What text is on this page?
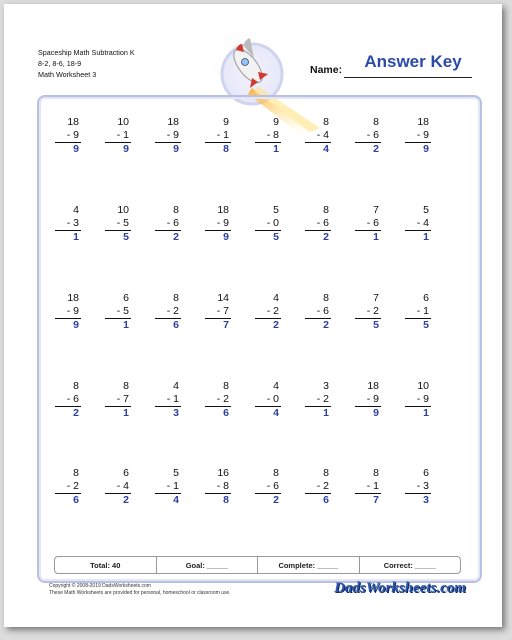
Spaceship Math Subtraction K
8-2, 8-6, 18-9
Math Worksheet 3	Name:	Answer Key
18
- 9
9
10
- 1
9
18
- 9
9
9
- 1
8
9
- 8
1
8
- 4
4
8
- 6
2
18
- 9
9
4
- 3
1
10
- 5
5
8
- 6
2
18
- 9
9
5
- 0
5
8
- 6
2
7
- 6
1
5
- 4
1
18
- 9
9
6
- 5
1
8
- 2
6
14
- 7
7
4
- 2
2
8
- 6
2
7
- 2
5
6
- 1
5
8
- 6
2
8
- 7
1
4
- 1
3
8
- 2
6
4
- 0
4
3
- 2
1
18
- 9
9
10
- 9
1
8
- 2
6
6
- 4
2
5
- 1
4
16
- 8
8
8
- 6
2
8
- 2
6
8
- 1
7
6
- 3
3
Total: 40	Goal: _____	Complete: _____	Correct: _____
Copyright © 2008-2019 DadsWorksheets.com
These Math Worksheets are provided for personal, homeschool or classroom use.	DadsWorksheets.com
